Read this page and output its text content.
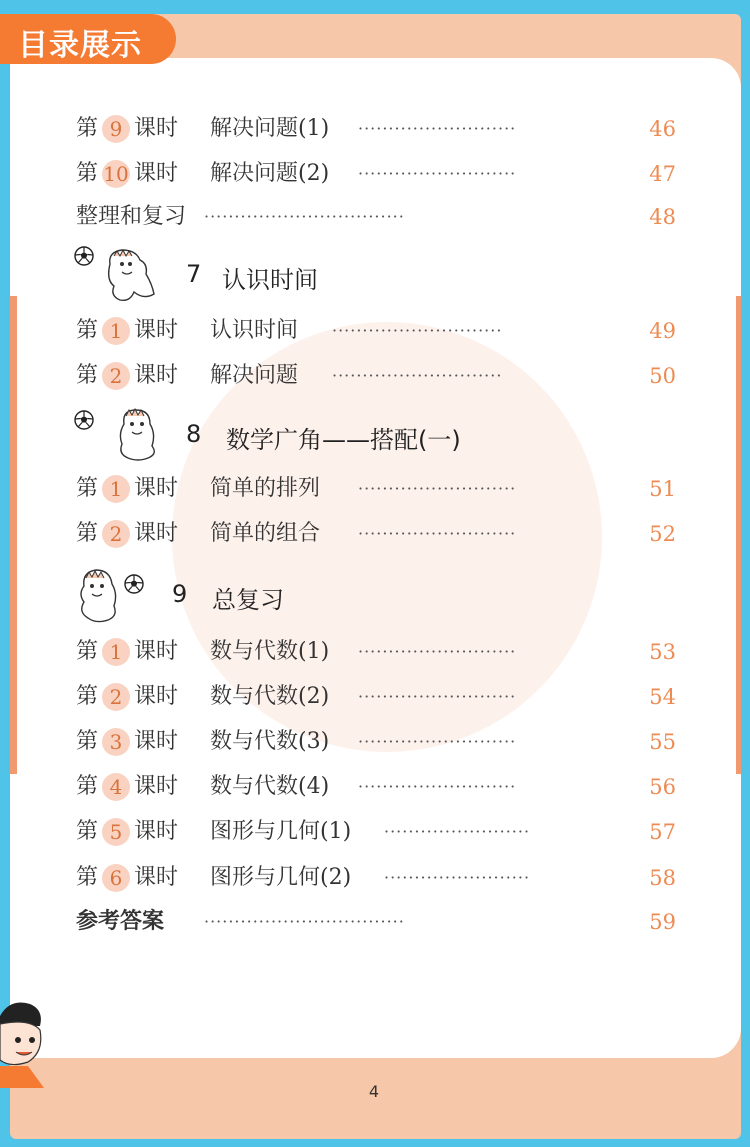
目录展示
第 9 课时 解决问题(1) ··························	46
第 10 课时 解决问题(2) ··························	47
整理和复习 ·································	48
7 认识时间
第 1 课时 认识时间 ····························	49
第 2 课时 解决问题 ····························	50
8 数学广角——搭配(一)
第 1 课时 简单的排列 ··························	51
第 2 课时 简单的组合 ··························	52
9 总复习
第 1 课时 数与代数(1) ··························	53
第 2 课时 数与代数(2) ··························	54
第 3 课时 数与代数(3) ··························	55
第 4 课时 数与代数(4) ··························	56
第 5 课时 图形与几何(1) ························	57
第 6 课时 图形与几何(2) ························	58
参考答案 ·································	59
4
